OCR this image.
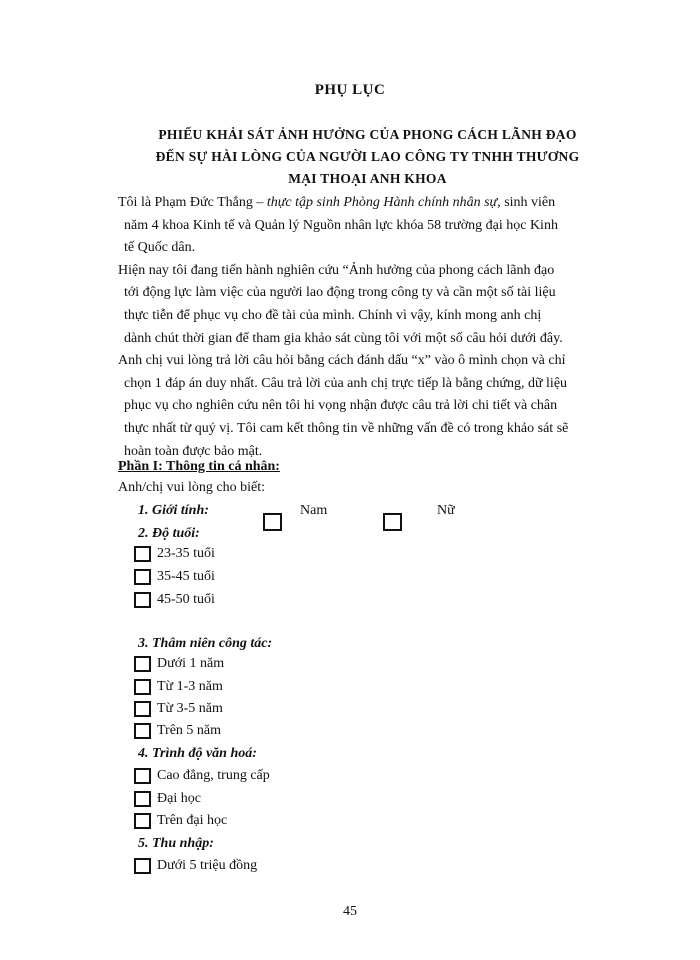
PHỤ LỤC
PHIẾU KHẢI SÁT ẢNH HƯỞNG CỦA PHONG CÁCH LÃNH ĐẠO
ĐẾN SỰ HÀI LÒNG CỦA NGƯỜI LAO CÔNG TY TNHH THƯƠNG
MẠI THOẠI ANH KHOA

Tôi là Phạm Đức Thắng – thực tập sinh Phòng Hành chính nhân sự, sinh viên

năm 4 khoa Kinh tế và Quản lý Nguồn nhân lực khóa 58 trường đại học Kinh

tế Quốc dân.

Hiện nay tôi đang tiến hành nghiên cứu “Ảnh hưởng của phong cách lãnh đạo

tới động lực làm việc của người lao động trong công ty và cần một số tài liệu

thực tiễn để phục vụ cho đề tài của mình. Chính vì vậy, kính mong anh chị

dành chút thời gian để tham gia khảo sát cùng tôi với một số câu hỏi dưới đây.

Anh chị vui lòng trả lời câu hỏi bằng cách đánh dấu “x” vào ô mình chọn và chỉ

chọn 1 đáp án duy nhất. Câu trả lời của anh chị trực tiếp là bằng chứng, dữ liệu

phục vụ cho nghiên cứu nên tôi hi vọng nhận được câu trả lời chi tiết và chân

thực nhất từ quý vị. Tôi cam kết thông tin về những vấn đề có trong khảo sát sẽ

hoàn toàn được bảo mật.

Phần I: Thông tin cá nhân:
Anh/chị vui lòng cho biết:
1. Giới tính:	Nam	Nữ
2. Độ tuổi:
23-35 tuổi
35-45 tuổi
45-50 tuổi
3. Thâm niên công tác:
Dưới 1 năm
Từ 1-3 năm
Từ 3-5 năm
Trên 5 năm
4. Trình độ văn hoá:
Cao đẳng, trung cấp
Đại học
Trên đại học
5. Thu nhập:
Dưới 5 triệu đồng
45
